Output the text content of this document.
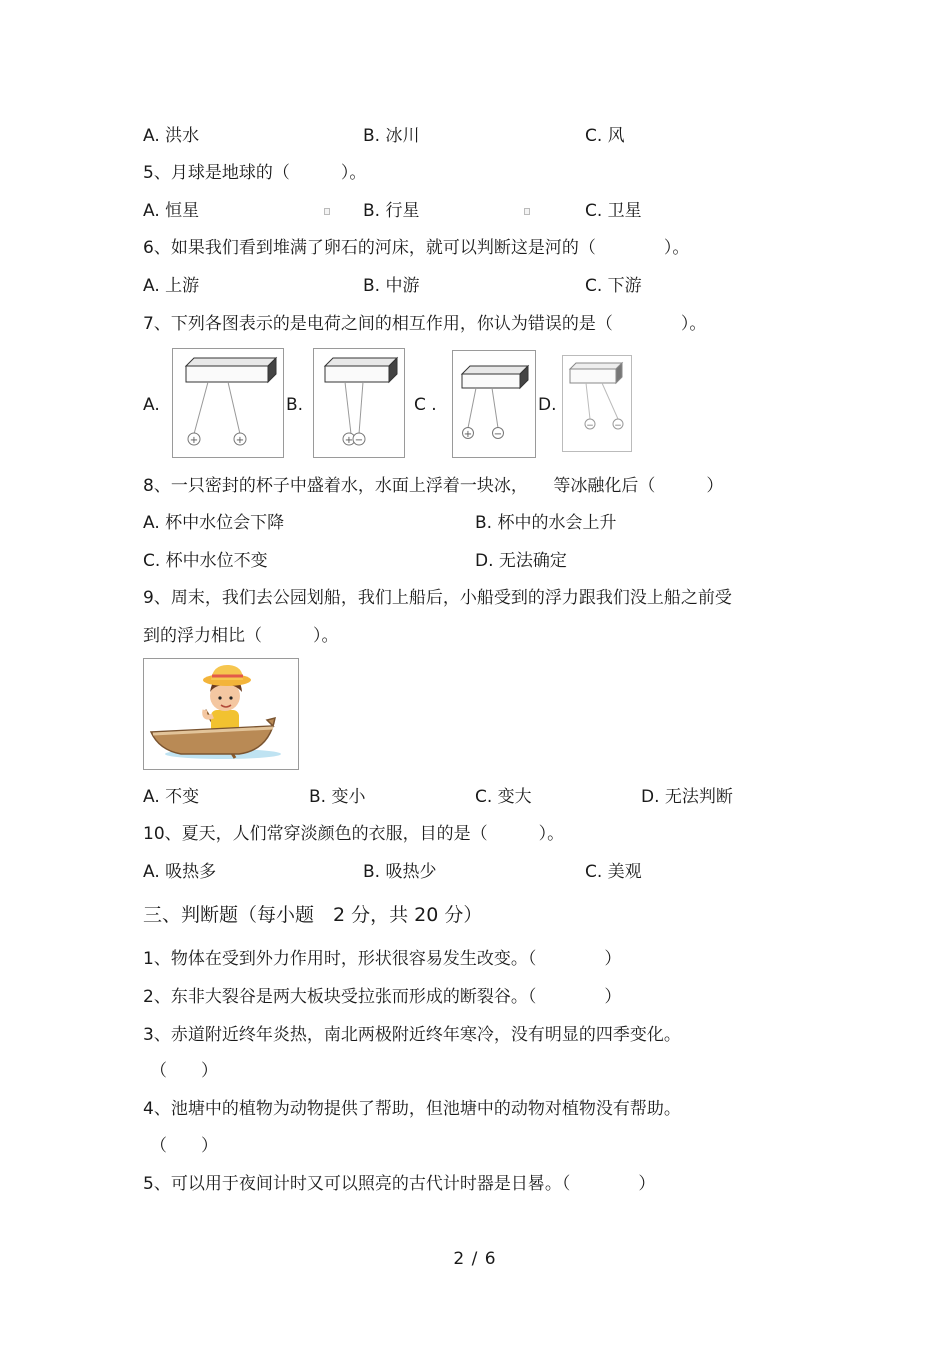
A. 洪水	B. 冰川	C. 风
5、月球是地球的（　　　）。
A. 恒星	B. 行星	C. 卫星
6、如果我们看到堆满了卵石的河床，就可以判断这是河的（　　　　）。
A. 上游	B. 中游	C. 下游
7、下列各图表示的是电荷之间的相互作用，你认为错误的是（　　　　）。
A.
+	+
B.
+ −
C .
+ −
D.
− −
8、一只密封的杯子中盛着水，水面上浮着一块冰，　　等冰融化后（　　　）
A. 杯中水位会下降	B. 杯中的水会上升
C. 杯中水位不变	D. 无法确定
9、周末，我们去公园划船，我们上船后，小船受到的浮力跟我们没上船之前受
到的浮力相比（　　　）。
A. 不变	B. 变小	C. 变大	D. 无法判断
10、夏天，人们常穿淡颜色的衣服，目的是（　　　）。
A. 吸热多	B. 吸热少	C. 美观
三、判断题（每小题　2 分，共 20 分）
1、物体在受到外力作用时，形状很容易发生改变。（　　　　）
2、东非大裂谷是两大板块受拉张而形成的断裂谷。（　　　　）
3、赤道附近终年炎热，南北两极附近终年寒冷，没有明显的四季变化。
（　　）
4、池塘中的植物为动物提供了帮助，但池塘中的动物对植物没有帮助。
（　　）
5、可以用于夜间计时又可以照亮的古代计时器是日晷。（　　　　）
2 / 6
